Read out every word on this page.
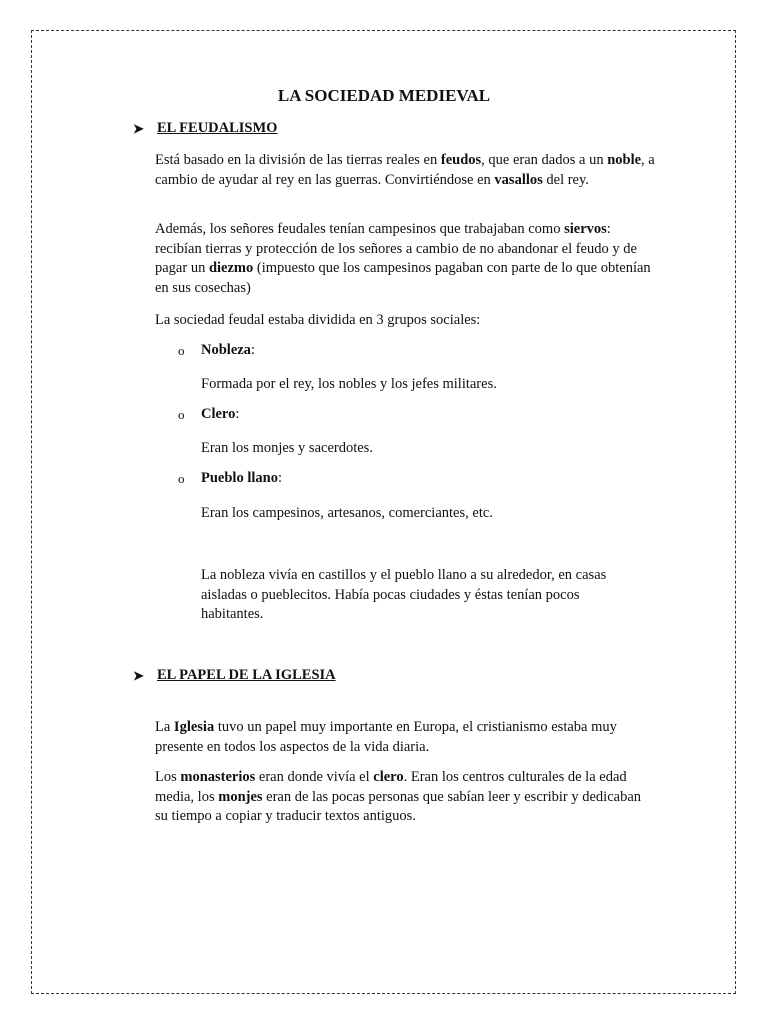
LA SOCIEDAD MEDIEVAL
➤ EL FEUDALISMO

Está basado en la división de las tierras reales en feudos, que eran dados a un noble, a cambio de ayudar al rey en las guerras. Convirtiéndose en vasallos del rey.

Además, los señores feudales tenían campesinos que trabajaban como siervos: recibían tierras y protección de los señores a cambio de no abandonar el feudo y de pagar un diezmo (impuesto que los campesinos pagaban con parte de lo que obtenían en sus cosechas)

La sociedad feudal estaba dividida en 3 grupos sociales:

o	Nobleza :

Formada por el rey, los nobles y los jefes militares.

o	Clero :

Eran los monjes y sacerdotes.

o	Pueblo llano :

Eran los campesinos, artesanos, comerciantes, etc.

La nobleza vivía en castillos y el pueblo llano a su alrededor, en casas aisladas o pueblecitos. Había pocas ciudades y éstas tenían pocos habitantes.

➤ EL PAPEL DE LA IGLESIA

La Iglesia tuvo un papel muy importante en Europa, el cristianismo estaba muy presente en todos los aspectos de la vida diaria.

Los monasterios eran donde vivía el clero. Eran los centros culturales de la edad media, los monjes eran de las pocas personas que sabían leer y escribir y dedicaban su tiempo a copiar y traducir textos antiguos.
